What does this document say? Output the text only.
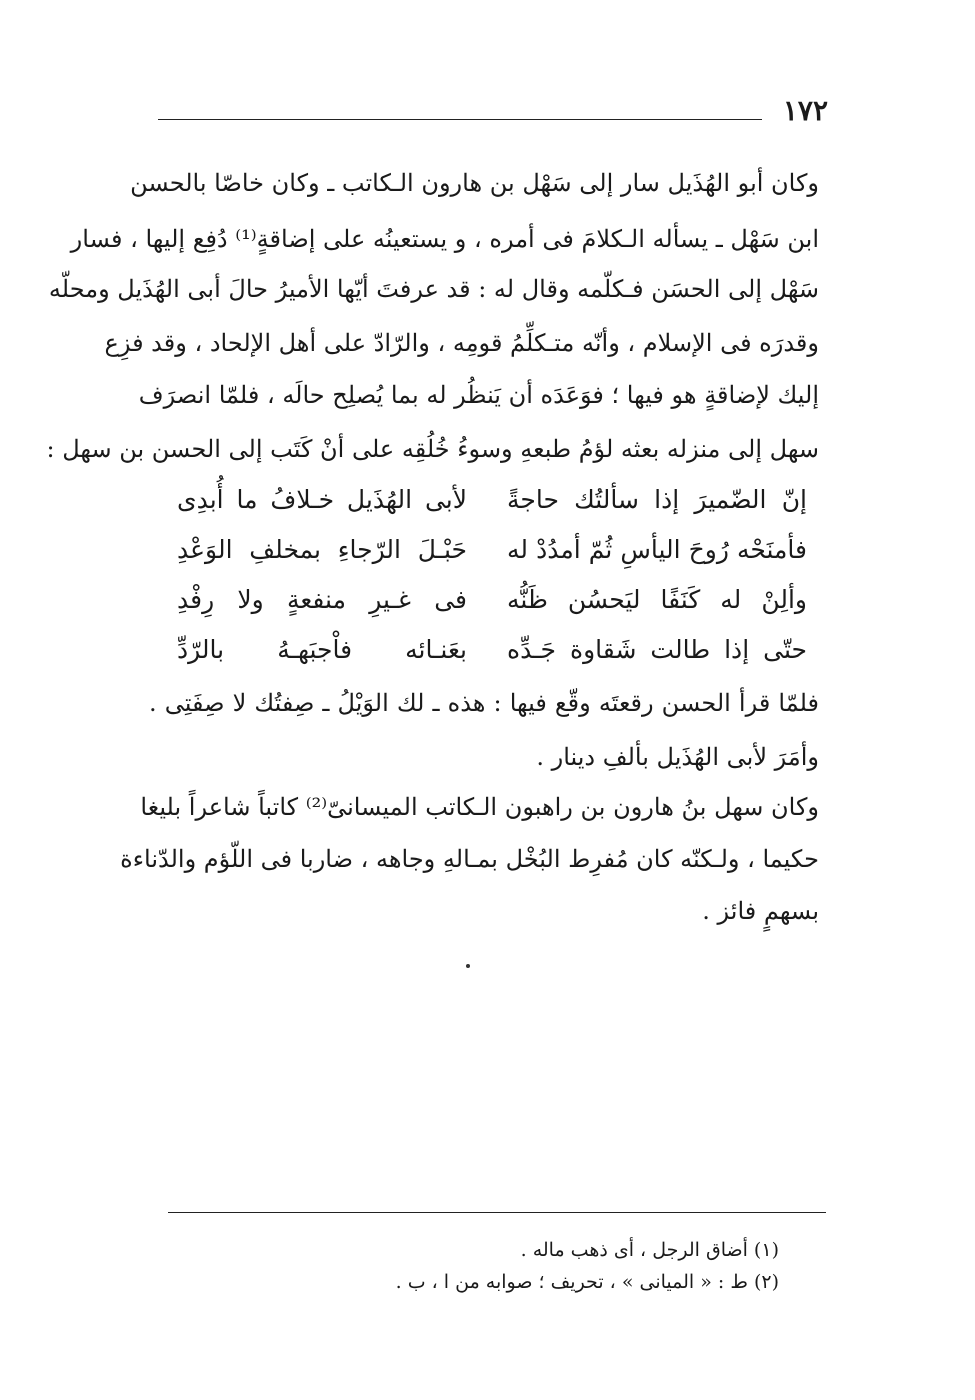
١٧٢
وكان أبو الهُذَيل سار إلى سَهْل بن هارون الـكاتب ـ وكان خاصّا بالحسن
ابن سَهْل ـ يسأله الـكلامَ فى أمره ، و يستعينُه على إضاقةٍ⁽¹⁾ دُفِع إليها ، فسار
سَهْل إلى الحسَن فـكلّمه وقال له : قد عرفتَ أيّها الأميرُ حالَ أبى الهُذَيل ومحلّه
وقدرَه فى الإسلام ، وأنّه متـكلِّمُ قومِه ، والرّادّ على أهل الإلحاد ، وقد فزِع
إليك لإضاقةٍ هو فيها ؛ فوَعَدَه أن يَنظُر له بما يُصلِح حالَه ، فلمّا انصرَف
سهل إلى منزله بعثه لؤمُ طبعهِ وسوءُ خُلُقِه على أنْ كَتَب إلى الحسن بن سهل :
إنّ الضّميرَ إذا سألتُك حاجةً
لأبى الهُذَيل خـلافُ ما أُبدِى
فأمنَحْه رُوحَ اليأسِ ثُمّ أمدُدْ له
حَبْـلَ الرّجاءِ بمخلفِ الوَعْدِ
وألِنْ له كَنَفًا ليَحسُن ظَنُّه
فى غـيرِ منفعةٍ ولا رِفْدِ
حتّى إذا طالت شَقاوة جَـدِّه
بعَنـائه فاْجبَهـهُ بالرّدِّ
فلمّا قرأ الحسن رقعتَه وقّع فيها : هذه ـ لك الوَيْلُ ـ صِفتُك لا صِفَتِى .
وأمَرَ لأبى الهُذَيل بألفِ دينار .
وكان سهل بنُ هارون بن راهبون الـكاتب الميسانىّ⁽²⁾ كاتباً شاعراً بليغا
حكيما ، ولـكنّه كان مُفرِط البُخْل بمـالهِ وجاهه ، ضاربا فى اللّؤم والدّناءة
بسهمٍ فائز .
(١) أضاق الرجل ، أى ذهب ماله .
(٢) ط : « الميانى » ، تحريف ؛ صوابه من ا ، ب .
